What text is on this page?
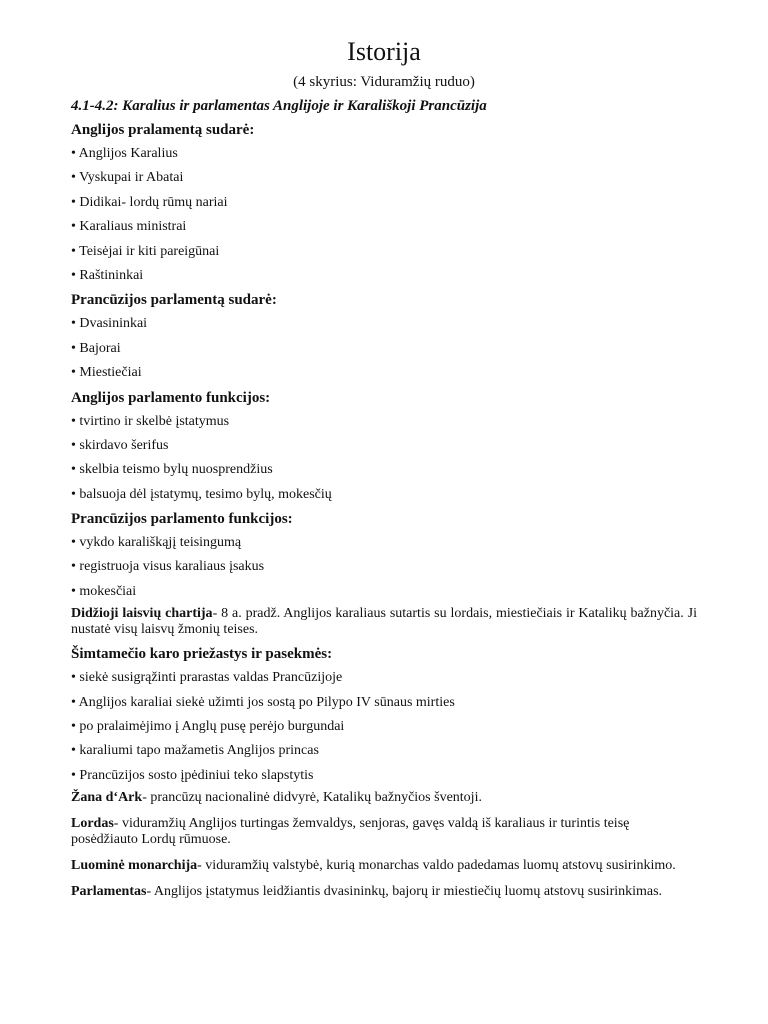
Istorija
(4 skyrius: Viduramžių ruduo)
4.1-4.2: Karalius ir parlamentas Anglijoje ir Karališkoji Prancūzija
Anglijos pralamentą sudarė:
• Anglijos Karalius
• Vyskupai ir Abatai
• Didikai- lordų rūmų nariai
• Karaliaus ministrai
• Teisėjai ir kiti pareigūnai
• Raštininkai
Prancūzijos parlamentą sudarė:
• Dvasininkai
• Bajorai
• Miestiečiai
Anglijos parlamento funkcijos:
• tvirtino ir skelbė įstatymus
• skirdavo šerifus
• skelbia teismo bylų nuosprendžius
• balsuoja dėl įstatymų, tesimo bylų, mokesčių
Prancūzijos parlamento funkcijos:
• vykdo karališkąjį teisingumą
• registruoja visus karaliaus įsakus
• mokesčiai
Didžioji laisvių chartija- 8 a. pradž. Anglijos karaliaus sutartis su lordais, miestiečiais ir Katalikų bažnyčia. Ji nustatė visų laisvų žmonių teises.
Šimtamečio karo priežastys ir pasekmės:
• siekė susigrąžinti prarastas valdas Prancūzijoje
• Anglijos karaliai siekė užimti jos sostą po Pilypo IV sūnaus mirties
• po pralaimėjimo į Anglų pusę perėjo burgundai
• karaliumi tapo mažametis Anglijos princas
• Prancūzijos sosto įpėdiniui teko slapstytis
Žana d‘Ark- prancūzų nacionalinė didvyrė, Katalikų bažnyčios šventoji.
Lordas- viduramžių Anglijos turtingas žemvaldys, senjoras, gavęs valdą iš karaliaus ir turintis teisę posėdžiauto Lordų rūmuose.
Luominė monarchija- viduramžių valstybė, kurią monarchas valdo padedamas luomų atstovų susirinkimo.
Parlamentas- Anglijos įstatymus leidžiantis dvasininkų, bajorų ir miestiečių luomų atstovų susirinkimas.
